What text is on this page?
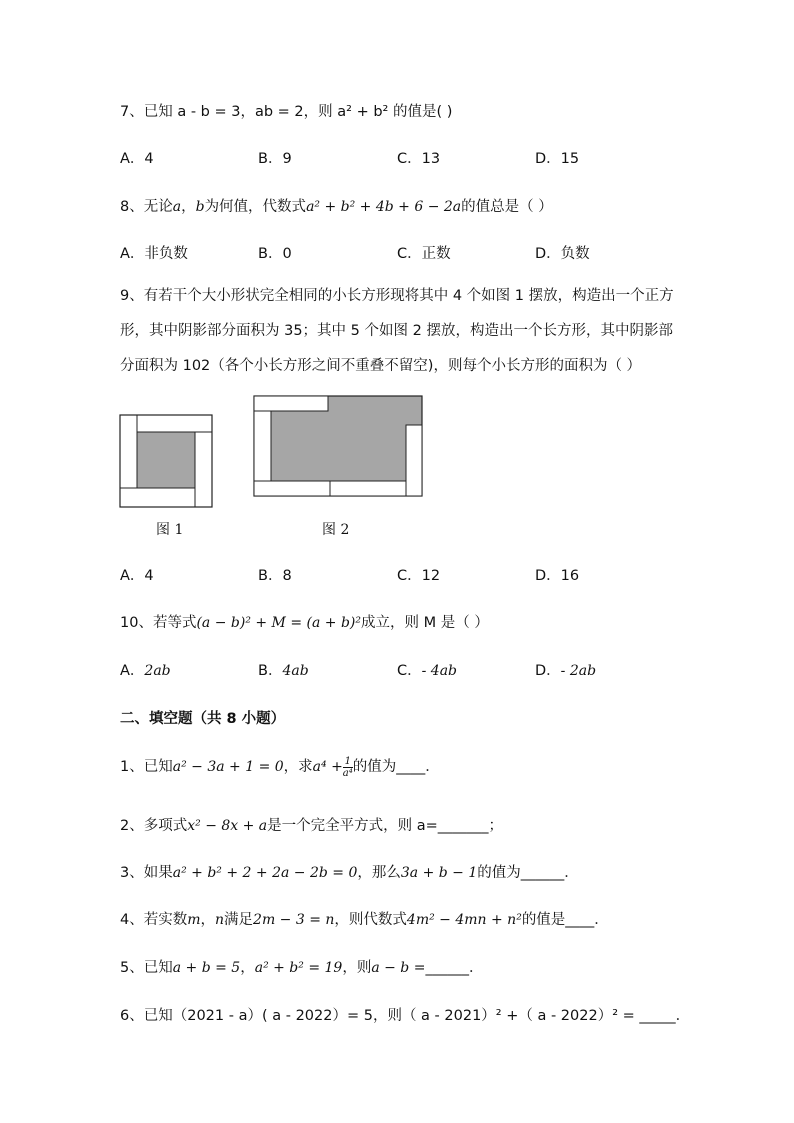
7、已知 a - b = 3，ab = 2，则 a² + b² 的值是( )
A．4	B．9	C．13	D．15
8、无论a，b为何值，代数式a² + b² + 4b + 6 − 2a的值总是（ ）
A．非负数	B．0	C．正数	D．负数
9、有若干个大小形状完全相同的小长方形现将其中 4 个如图 1 摆放，构造出一个正方
形，其中阴影部分面积为 35；其中 5 个如图 2 摆放，构造出一个长方形，其中阴影部
分面积为 102（各个小长方形之间不重叠不留空)，则每个小长方形的面积为（ ）
图 1	图 2
A．4	B．8	C．12	D．16
10、若等式(a − b)² + M = (a + b)²成立，则 M 是（ ）
A．2ab	B．4ab	C．- 4ab	D．- 2ab
二、填空题（共 8 小题）
1、已知a² − 3a + 1 = 0，求$a^4 + \frac{1}{\text{a⁴}}$ 的值为____．
2、多项式x² − 8x + a是一个完全平方式，则 a=_______；
3、如果a² + b² + 2 + 2a − 2b = 0，那么3a + b − 1的值为______．
4、若实数m，n满足2m − 3 = n，则代数式4m² − 4mn + n²的值是____．
5、已知a + b = 5，a² + b² = 19，则a − b =______．
6、已知（2021 - a）( a - 2022）= 5，则（ a - 2021）² +（ a - 2022）² = _____．
